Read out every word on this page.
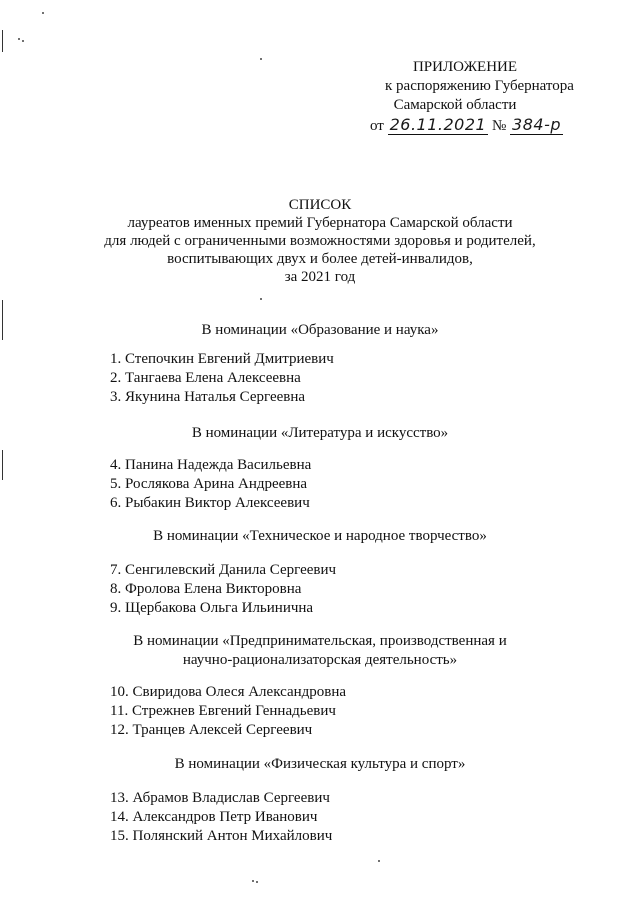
ПРИЛОЖЕНИЕ
к распоряжению Губернатора
Самарской области
от 26.11.2021 № 384-р
СПИСОК
лауреатов именных премий Губернатора Самарской области
для людей с ограниченными возможностями здоровья и родителей,
воспитывающих двух и более детей-инвалидов,
за 2021 год
В номинации «Образование и наука»
1. Степочкин Евгений Дмитриевич
2. Тангаева Елена Алексеевна
3. Якунина Наталья Сергеевна
В номинации «Литература и искусство»
4. Панина Надежда Васильевна
5. Рослякова Арина Андреевна
6. Рыбакин Виктор Алексеевич
В номинации «Техническое и народное творчество»
7. Сенгилевский Данила Сергеевич
8. Фролова Елена Викторовна
9. Щербакова Ольга Ильинична
В номинации «Предпринимательская, производственная и
научно-рационализаторская деятельность»
10. Свиридова Олеся Александровна
11. Стрежнев Евгений Геннадьевич
12. Транцев Алексей Сергеевич
В номинации «Физическая культура и спорт»
13. Абрамов Владислав Сергеевич
14. Александров Петр Иванович
15. Полянский Антон Михайлович
